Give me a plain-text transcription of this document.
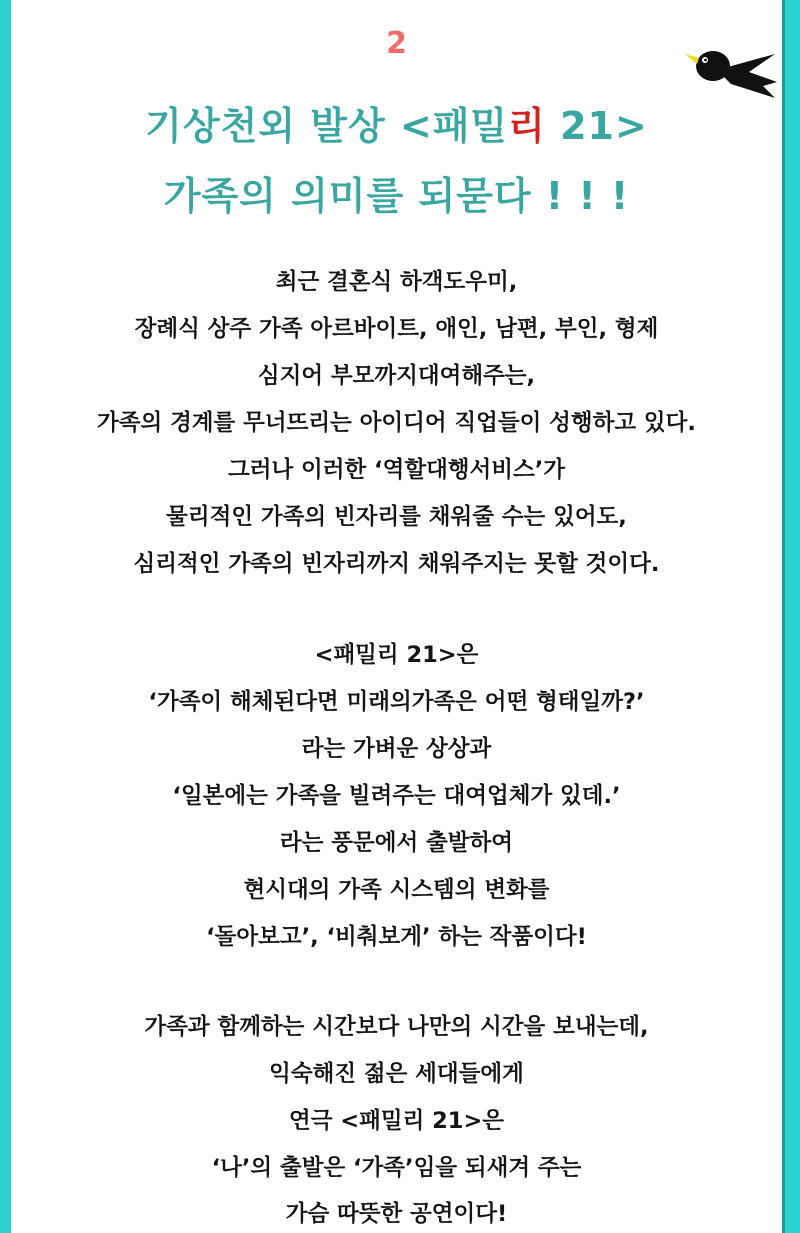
2
기상천외 발상 <패밀리 21>
가족의 의미를 되묻다 ! ! !
최근 결혼식 하객도우미,
장례식 상주 가족 아르바이트, 애인, 남편, 부인, 형제
심지어 부모까지대여해주는,
가족의 경계를 무너뜨리는 아이디어 직업들이 성행하고 있다.
그러나 이러한 ‘역할대행서비스’가
물리적인 가족의 빈자리를 채워줄 수는 있어도,
심리적인 가족의 빈자리까지 채워주지는 못할 것이다.
<패밀리 21>은
‘가족이 해체된다면 미래의가족은 어떤 형태일까?’
라는 가벼운 상상과
‘일본에는 가족을 빌려주는 대여업체가 있데.’
라는 풍문에서 출발하여
현시대의 가족 시스템의 변화를
‘돌아보고’, ‘비춰보게’ 하는 작품이다!
가족과 함께하는 시간보다 나만의 시간을 보내는데,
익숙해진 젊은 세대들에게
연극 <패밀리 21>은
‘나’의 출발은 ‘가족’임을 되새겨 주는
가슴 따뜻한 공연이다!
